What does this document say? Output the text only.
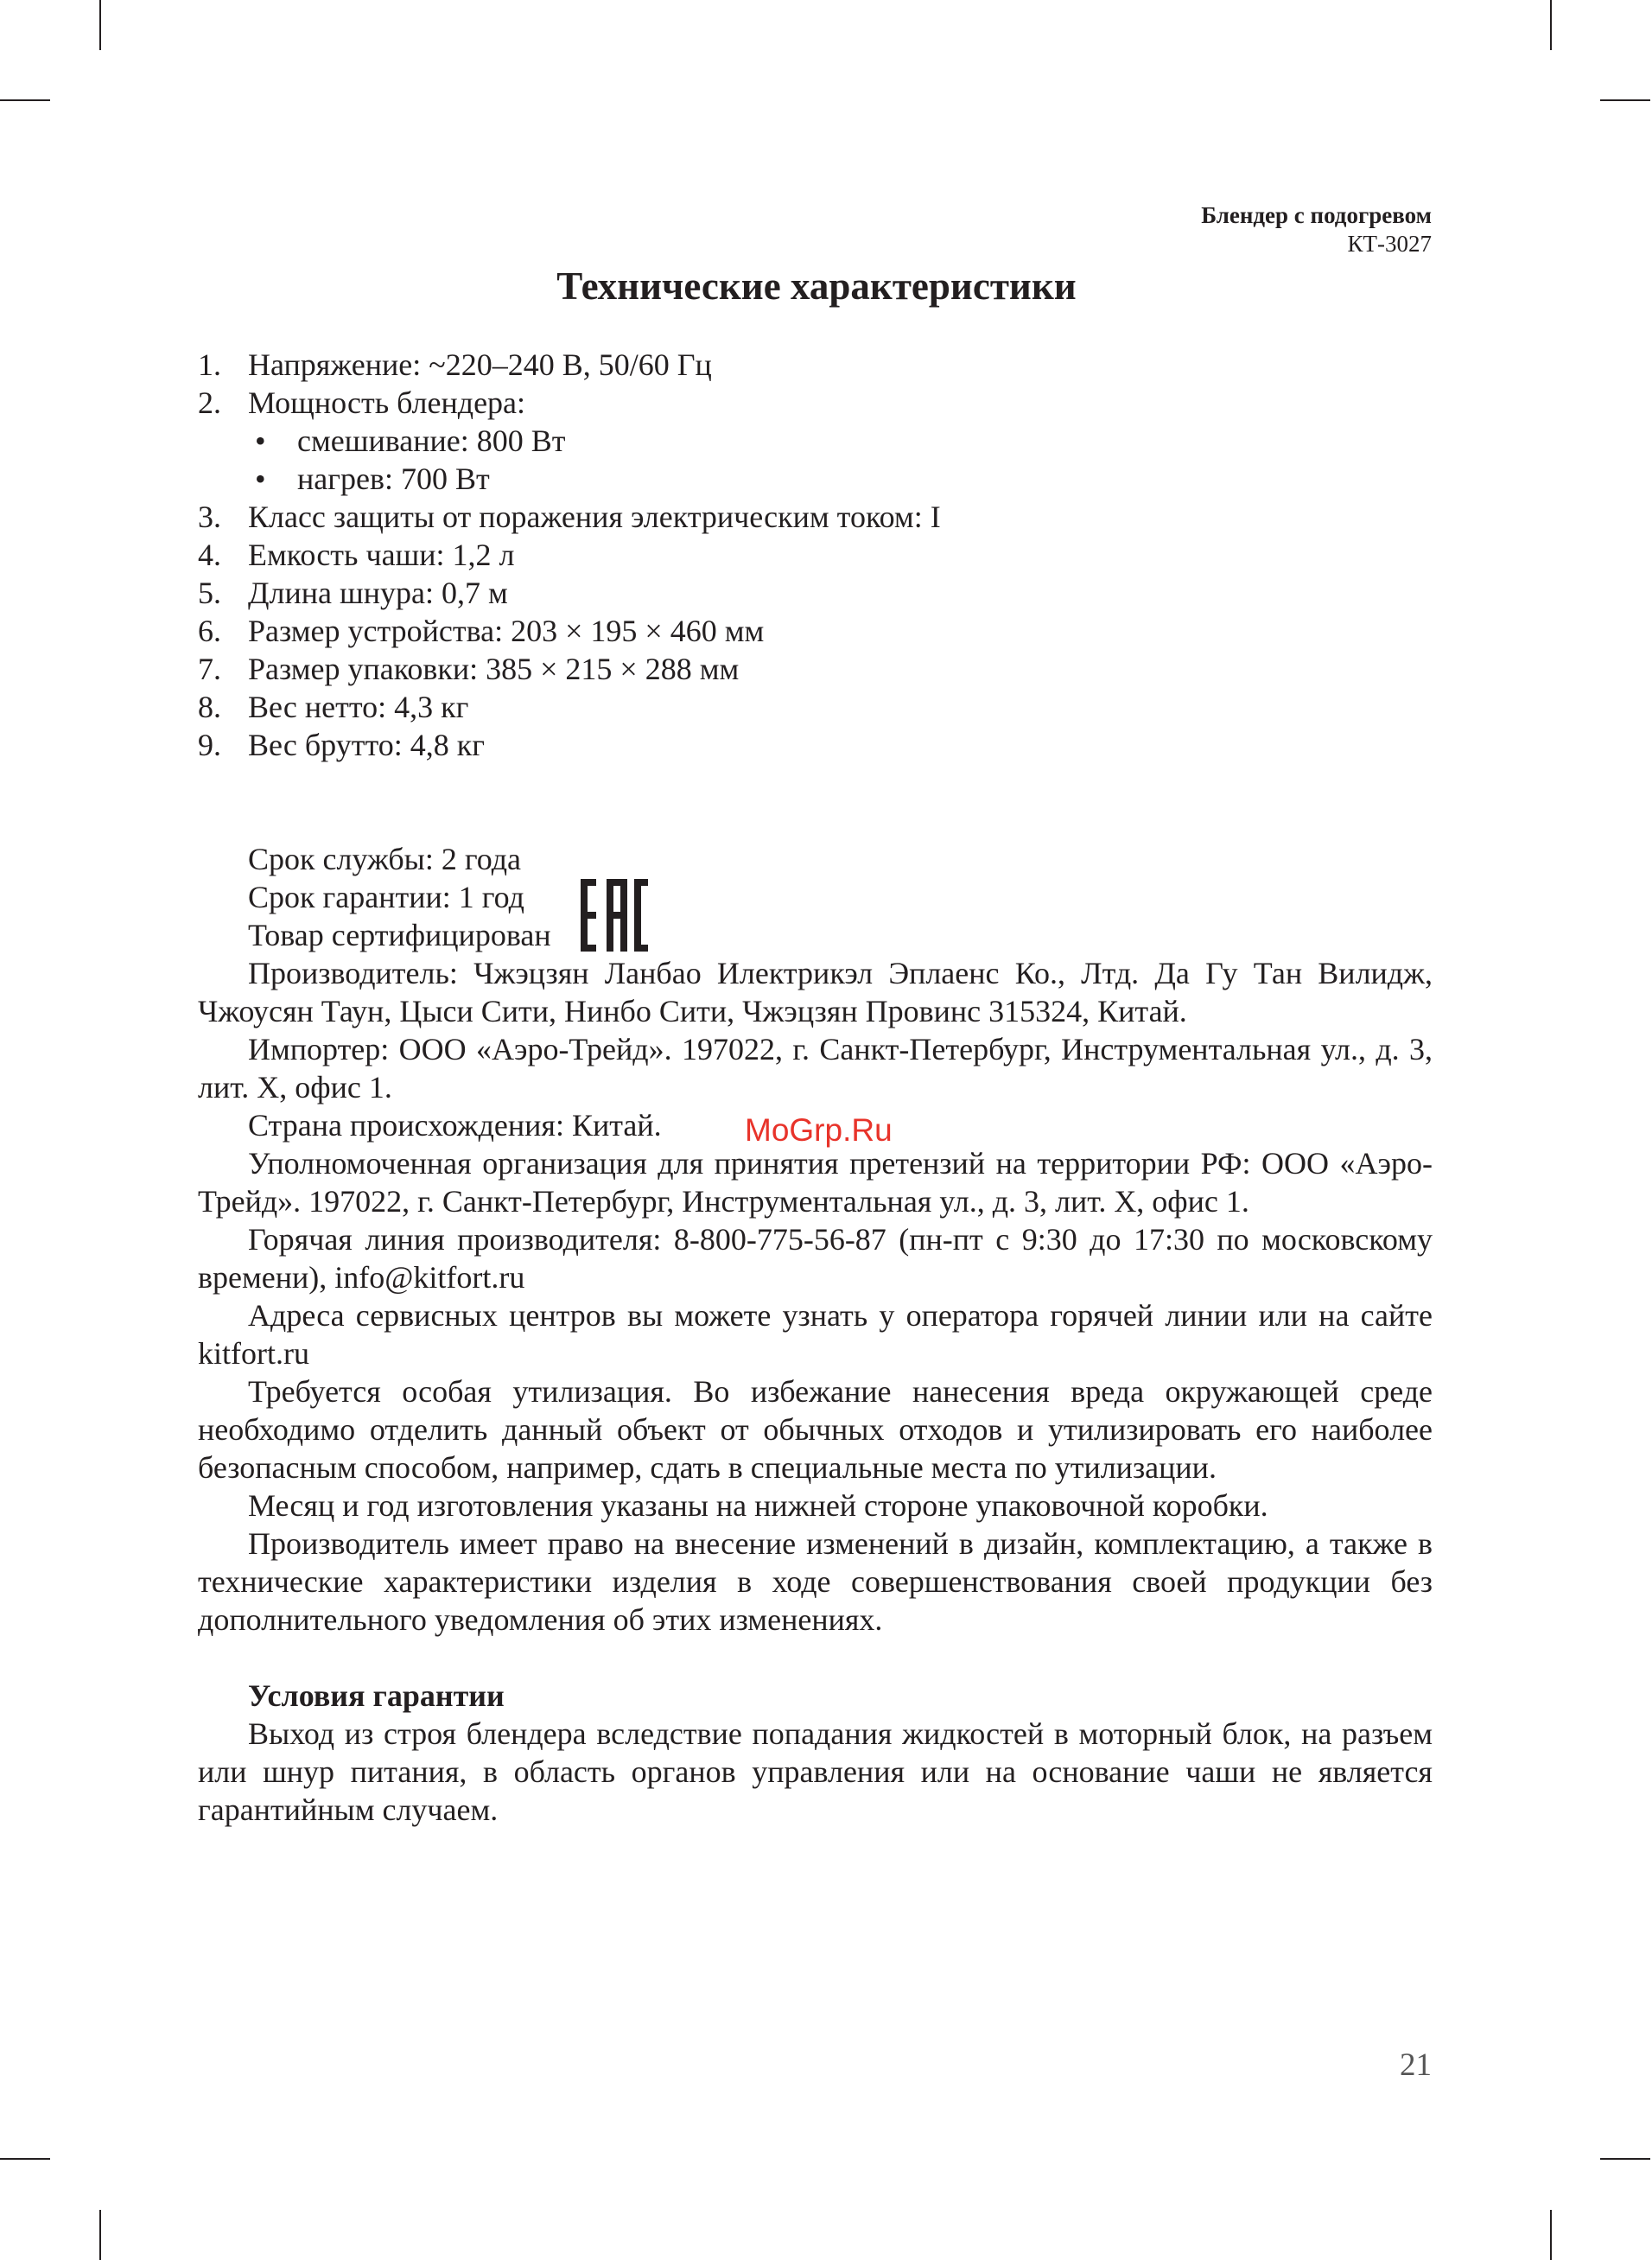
Блендер с подогревом
КТ-3027
Технические характеристики
1. Напряжение: ~220–240 В, 50/60 Гц
2. Мощность блендера:
• смешивание: 800 Вт
• нагрев: 700 Вт
3. Класс защиты от поражения электрическим током: I
4. Емкость чаши: 1,2 л
5. Длина шнура: 0,7 м
6. Размер устройства: 203 × 195 × 460 мм
7. Размер упаковки: 385 × 215 × 288 мм
8. Вес нетто: 4,3 кг
9. Вес брутто: 4,8 кг

Срок службы: 2 года

Срок гарантии: 1 год

Товар сертифицирован

Производитель: Чжэцзян Ланбао Илектрикэл Эплаенс Ко., Лтд. Да Гу Тан Вилидж, Чжоусян Таун, Цыси Сити, Нинбо Сити, Чжэцзян Провинс 315324, Китай.

Импортер: ООО «Аэро-Трейд». 197022, г. Санкт-Петербург, Инструментальная ул., д. 3, лит. Х, офис 1.

Страна происхождения: Китай.

Уполномоченная организация для принятия претензий на территории РФ: ООО «Аэро-Трейд». 197022, г. Санкт-Петербург, Инструментальная ул., д. 3, лит. Х, офис 1.

Горячая линия производителя: 8-800-775-56-87 (пн-пт с 9:30 до 17:30 по московскому времени), info@kitfort.ru

Адреса сервисных центров вы можете узнать у оператора горячей линии или на сайте kitfort.ru

Требуется особая утилизация. Во избежание нанесения вреда окружающей среде необходимо отделить данный объект от обычных отходов и утилизировать его наиболее безопасным способом, например, сдать в специальные места по утилизации.

Месяц и год изготовления указаны на нижней стороне упаковочной коробки.

Производитель имеет право на внесение изменений в дизайн, комплектацию, а также в технические характеристики изделия в ходе совершенствования своей продукции без дополнительного уведомления об этих изменениях.

Условия гарантии

Выход из строя блендера вследствие попадания жидкостей в моторный блок, на разъем или шнур питания, в область органов управления или на основание чаши не является гарантийным случаем.

MoGrp.Ru
21
